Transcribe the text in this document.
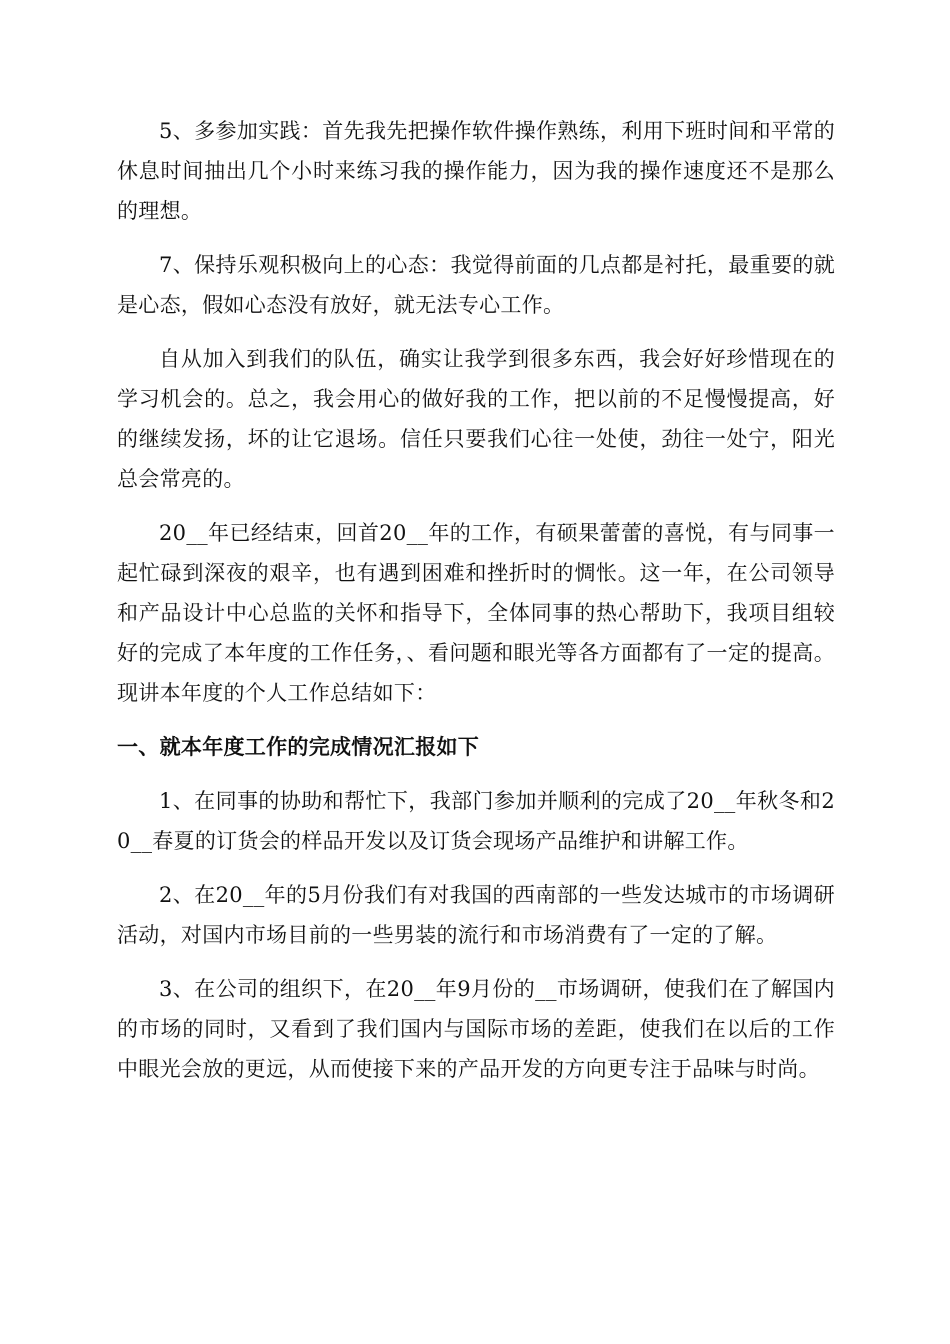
5、多参加实践：首先我先把操作软件操作熟练，利用下班时间和平常的休息时间抽出几个小时来练习我的操作能力，因为我的操作速度还不是那么的理想。

7、保持乐观积极向上的心态：我觉得前面的几点都是衬托，最重要的就是心态，假如心态没有放好，就无法专心工作。

自从加入到我们的队伍，确实让我学到很多东西，我会好好珍惜现在的学习机会的。总之，我会用心的做好我的工作，把以前的不足慢慢提高，好的继续发扬，坏的让它退场。信任只要我们心往一处使，劲往一处宁，阳光总会常亮的。

20__年已经结束，回首20__年的工作，有硕果蕾蕾的喜悦，有与同事一起忙碌到深夜的艰辛，也有遇到困难和挫折时的惆怅。这一年，在公司领导和产品设计中心总监的关怀和指导下，全体同事的热心帮助下，我项目组较好的完成了本年度的工作任务，、看问题和眼光等各方面都有了一定的提高。现讲本年度的个人工作总结如下：

一、就本年度工作的完成情况汇报如下

1、在同事的协助和帮忙下，我部门参加并顺利的完成了20__年秋冬和20__春夏的订货会的样品开发以及订货会现场产品维护和讲解工作。

2、在20__年的5月份我们有对我国的西南部的一些发达城市的市场调研活动，对国内市场目前的一些男装的流行和市场消费有了一定的了解。

3、在公司的组织下，在20__年9月份的__市场调研，使我们在了解国内的市场的同时，又看到了我们国内与国际市场的差距，使我们在以后的工作中眼光会放的更远，从而使接下来的产品开发的方向更专注于品味与时尚。
